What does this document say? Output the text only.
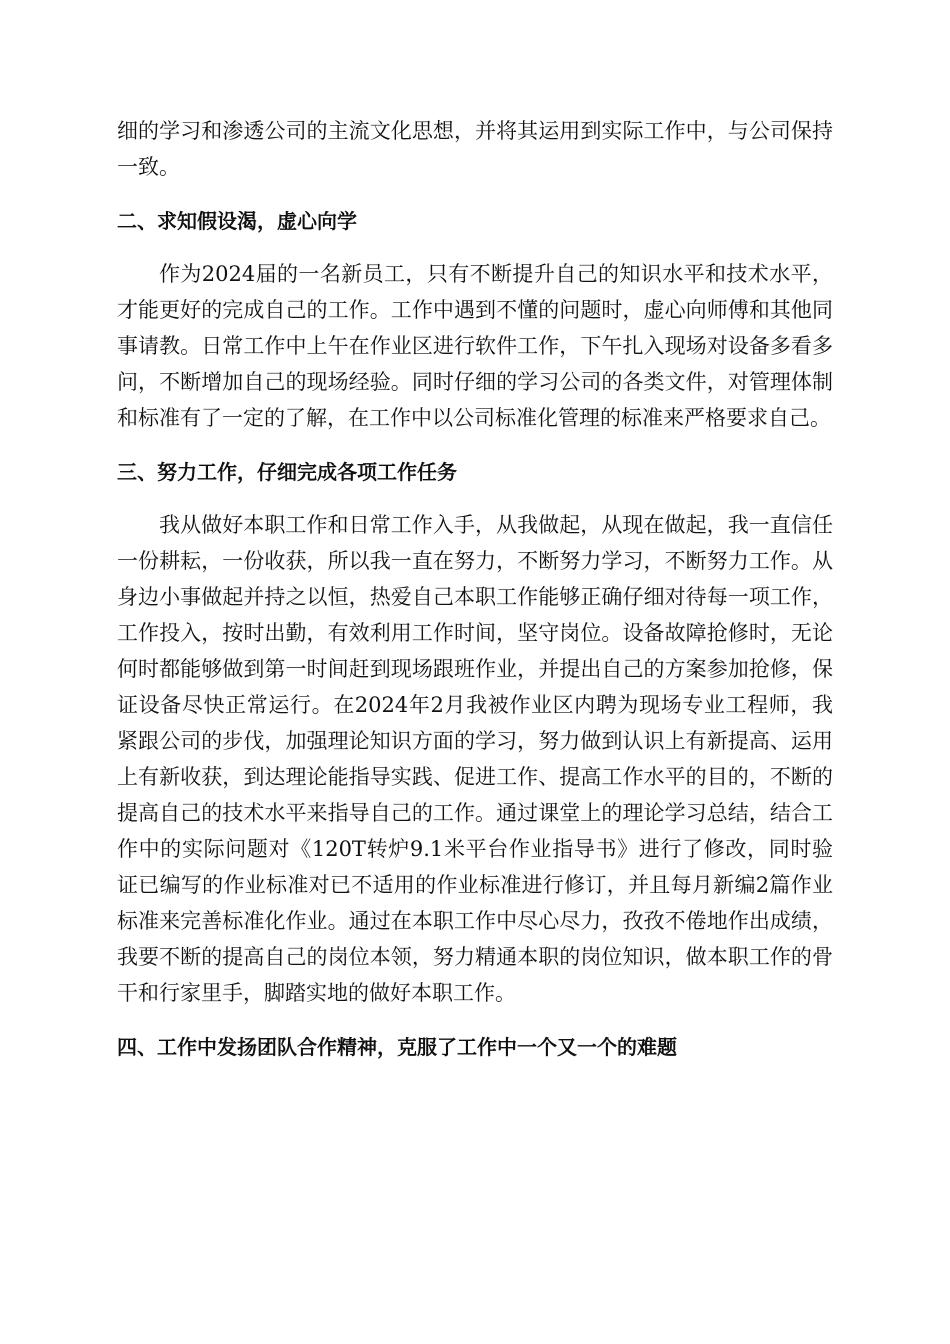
细的学习和渗透公司的主流文化思想，并将其运用到实际工作中，与公司保持一致。

二、求知假设渴，虚心向学

作为2024届的一名新员工，只有不断提升自己的知识水平和技术水平，才能更好的完成自己的工作。工作中遇到不懂的问题时，虚心向师傅和其他同事请教。日常工作中上午在作业区进行软件工作，下午扎入现场对设备多看多问，不断增加自己的现场经验。同时仔细的学习公司的各类文件，对管理体制和标准有了一定的了解，在工作中以公司标准化管理的标准来严格要求自己。

三、努力工作，仔细完成各项工作任务

我从做好本职工作和日常工作入手，从我做起，从现在做起，我一直信任一份耕耘，一份收获，所以我一直在努力，不断努力学习，不断努力工作。从身边小事做起并持之以恒，热爱自己本职工作能够正确仔细对待每一项工作，工作投入，按时出勤，有效利用工作时间，坚守岗位。设备故障抢修时，无论何时都能够做到第一时间赶到现场跟班作业，并提出自己的方案参加抢修，保证设备尽快正常运行。在2024年2月我被作业区内聘为现场专业工程师，我紧跟公司的步伐，加强理论知识方面的学习，努力做到认识上有新提高、运用上有新收获，到达理论能指导实践、促进工作、提高工作水平的目的，不断的提高自己的技术水平来指导自己的工作。通过课堂上的理论学习总结，结合工作中的实际问题对《120T转炉9.1米平台作业指导书》进行了修改，同时验证已编写的作业标准对已不适用的作业标准进行修订，并且每月新编2篇作业标准来完善标准化作业。通过在本职工作中尽心尽力，孜孜不倦地作出成绩，我要不断的提高自己的岗位本领，努力精通本职的岗位知识，做本职工作的骨干和行家里手，脚踏实地的做好本职工作。

四、工作中发扬团队合作精神，克服了工作中一个又一个的难题
